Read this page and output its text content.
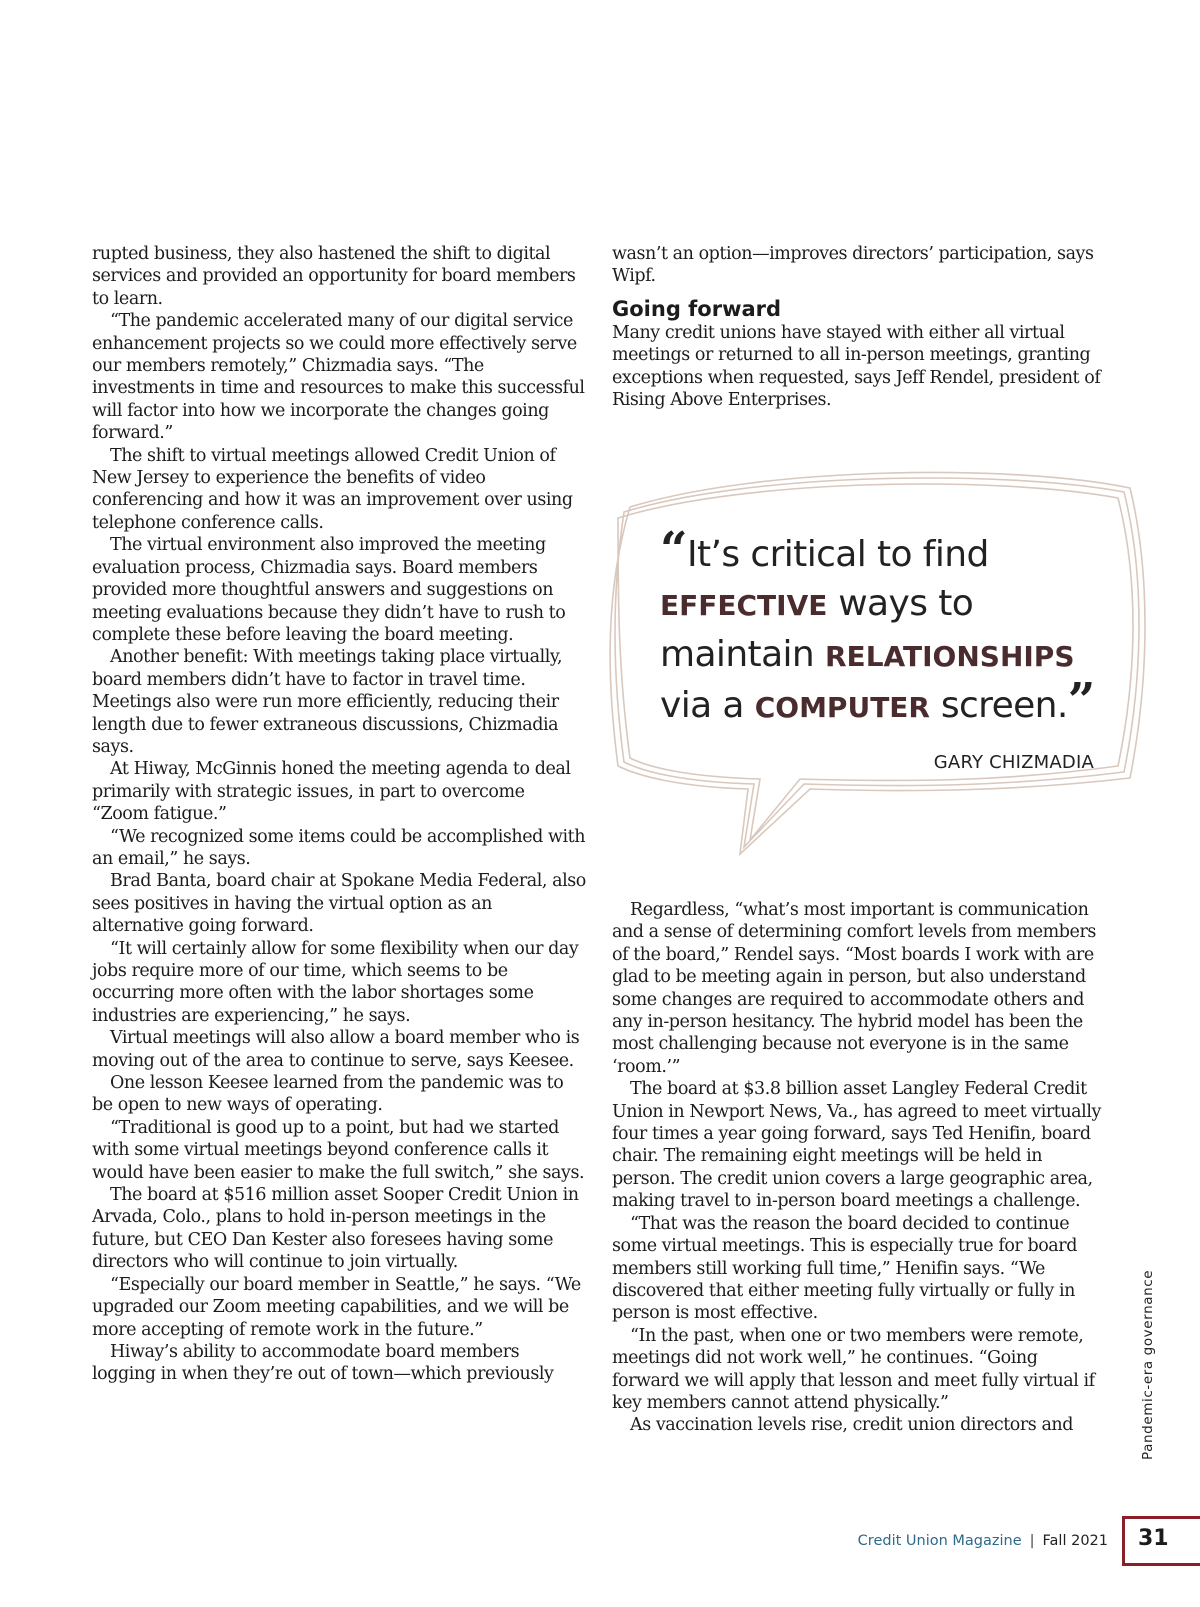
rupted business, they also hastened the shift to digital services and provided an opportunity for board members to learn.

“The pandemic accelerated many of our digital service enhancement projects so we could more effectively serve our members remotely,” Chizmadia says. “The investments in time and resources to make this successful will factor into how we incorporate the changes going forward.”

The shift to virtual meetings allowed Credit Union of New Jersey to experience the benefits of video conferencing and how it was an improvement over using telephone conference calls.

The virtual environment also improved the meeting evaluation process, Chizmadia says. Board members provided more thoughtful answers and suggestions on meeting evaluations because they didn’t have to rush to complete these before leaving the board meeting.

Another benefit: With meetings taking place virtually, board members didn’t have to factor in travel time. Meetings also were run more efficiently, reducing their length due to fewer extraneous discussions, Chizmadia says.

At Hiway, McGinnis honed the meeting agenda to deal primarily with strategic issues, in part to overcome “Zoom fatigue.”

“We recognized some items could be accomplished with an email,” he says.

Brad Banta, board chair at Spokane Media Federal, also sees positives in having the virtual option as an alternative going forward.

“It will certainly allow for some flexibility when our day jobs require more of our time, which seems to be occurring more often with the labor shortages some industries are experiencing,” he says.

Virtual meetings will also allow a board member who is moving out of the area to continue to serve, says Keesee.

One lesson Keesee learned from the pandemic was to be open to new ways of operating.

“Traditional is good up to a point, but had we started with some virtual meetings beyond conference calls it would have been easier to make the full switch,” she says.

The board at $516 million asset Sooper Credit Union in Arvada, Colo., plans to hold in-person meetings in the future, but CEO Dan Kester also foresees having some directors who will continue to join virtually.

“Especially our board member in Seattle,” he says. “We upgraded our Zoom meeting capabilities, and we will be more accepting of remote work in the future.”

Hiway’s ability to accommodate board members logging in when they’re out of town—which previously

wasn’t an option—improves directors’ participation, says Wipf.

Going forward

Many credit unions have stayed with either all virtual meetings or returned to all in-person meetings, granting exceptions when requested, says Jeff Rendel, president of Rising Above Enterprises.

“It’s critical to find EFFECTIVE ways to maintain RELATIONSHIPS via a COMPUTER screen.”
GARY CHIZMADIA

Regardless, “what’s most important is communication and a sense of determining comfort levels from members of the board,” Rendel says. “Most boards I work with are glad to be meeting again in person, but also understand some changes are required to accommodate others and any in-person hesitancy. The hybrid model has been the most challenging because not everyone is in the same ‘room.’”

The board at $3.8 billion asset Langley Federal Credit Union in Newport News, Va., has agreed to meet virtually four times a year going forward, says Ted Henifin, board chair. The remaining eight meetings will be held in person. The credit union covers a large geographic area, making travel to in-person board meetings a challenge.

“That was the reason the board decided to continue some virtual meetings. This is especially true for board members still working full time,” Henifin says. “We discovered that either meeting fully virtually or fully in person is most effective.

“In the past, when one or two members were remote, meetings did not work well,” he continues. “Going forward we will apply that lesson and meet fully virtual if key members cannot attend physically.”

As vaccination levels rise, credit union directors and	Pandemic-era governance
Credit Union Magazine | Fall 2021	31
